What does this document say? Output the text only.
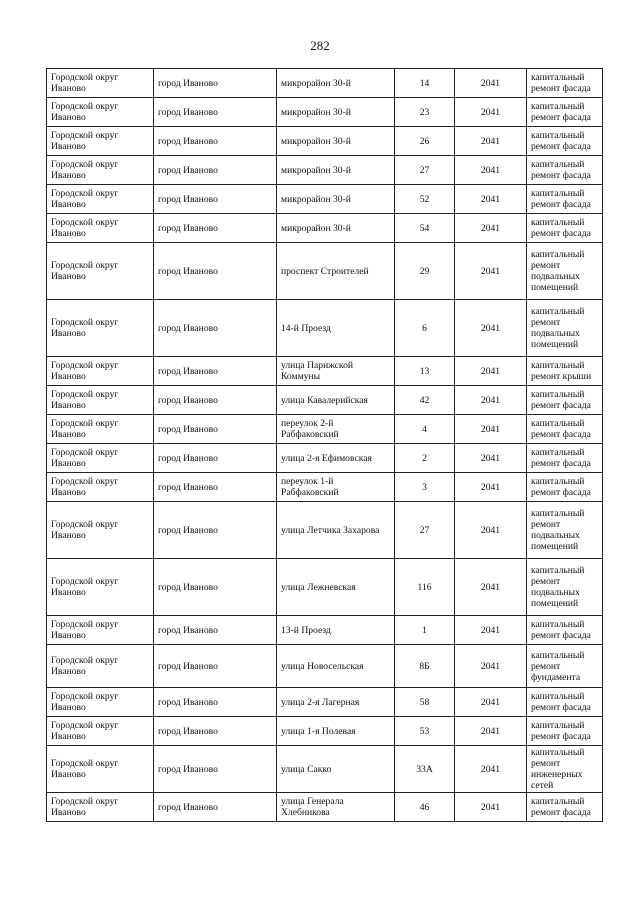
282
Городской округ Иваново	город Иваново	микрорайон 30-й	14	2041	капитальный ремонт фасада
Городской округ Иваново	город Иваново	микрорайон 30-й	23	2041	капитальный ремонт фасада
Городской округ Иваново	город Иваново	микрорайон 30-й	26	2041	капитальный ремонт фасада
Городской округ Иваново	город Иваново	микрорайон 30-й	27	2041	капитальный ремонт фасада
Городской округ Иваново	город Иваново	микрорайон 30-й	52	2041	капитальный ремонт фасада
Городской округ Иваново	город Иваново	микрорайон 30-й	54	2041	капитальный ремонт фасада
Городской округ Иваново	город Иваново	проспект Строителей	29	2041	капитальный ремонт подвальных помещений
Городской округ Иваново	город Иваново	14-й Проезд	6	2041	капитальный ремонт подвальных помещений
Городской округ Иваново	город Иваново	улица Парижской Коммуны	13	2041	капитальный ремонт крыши
Городской округ Иваново	город Иваново	улица Кавалерийская	42	2041	капитальный ремонт фасада
Городской округ Иваново	город Иваново	переулок 2-й Рабфаковский	4	2041	капитальный ремонт фасада
Городской округ Иваново	город Иваново	улица 2-я Ефимовская	2	2041	капитальный ремонт фасада
Городской округ Иваново	город Иваново	переулок 1-й Рабфаковский	3	2041	капитальный ремонт фасада
Городской округ Иваново	город Иваново	улица Летчика Захарова	27	2041	капитальный ремонт подвальных помещений
Городской округ Иваново	город Иваново	улица Лежневская	116	2041	капитальный ремонт подвальных помещений
Городской округ Иваново	город Иваново	13-й Проезд	1	2041	капитальный ремонт фасада
Городской округ Иваново	город Иваново	улица Новосельская	8Б	2041	капитальный ремонт фундамента
Городской округ Иваново	город Иваново	улица 2-я Лагерная	58	2041	капитальный ремонт фасада
Городской округ Иваново	город Иваново	улица 1-я Полевая	53	2041	капитальный ремонт фасада
Городской округ Иваново	город Иваново	улица Сакко	33А	2041	капитальный ремонт инженерных сетей
Городской округ Иваново	город Иваново	улица Генерала Хлебникова	46	2041	капитальный ремонт фасада
